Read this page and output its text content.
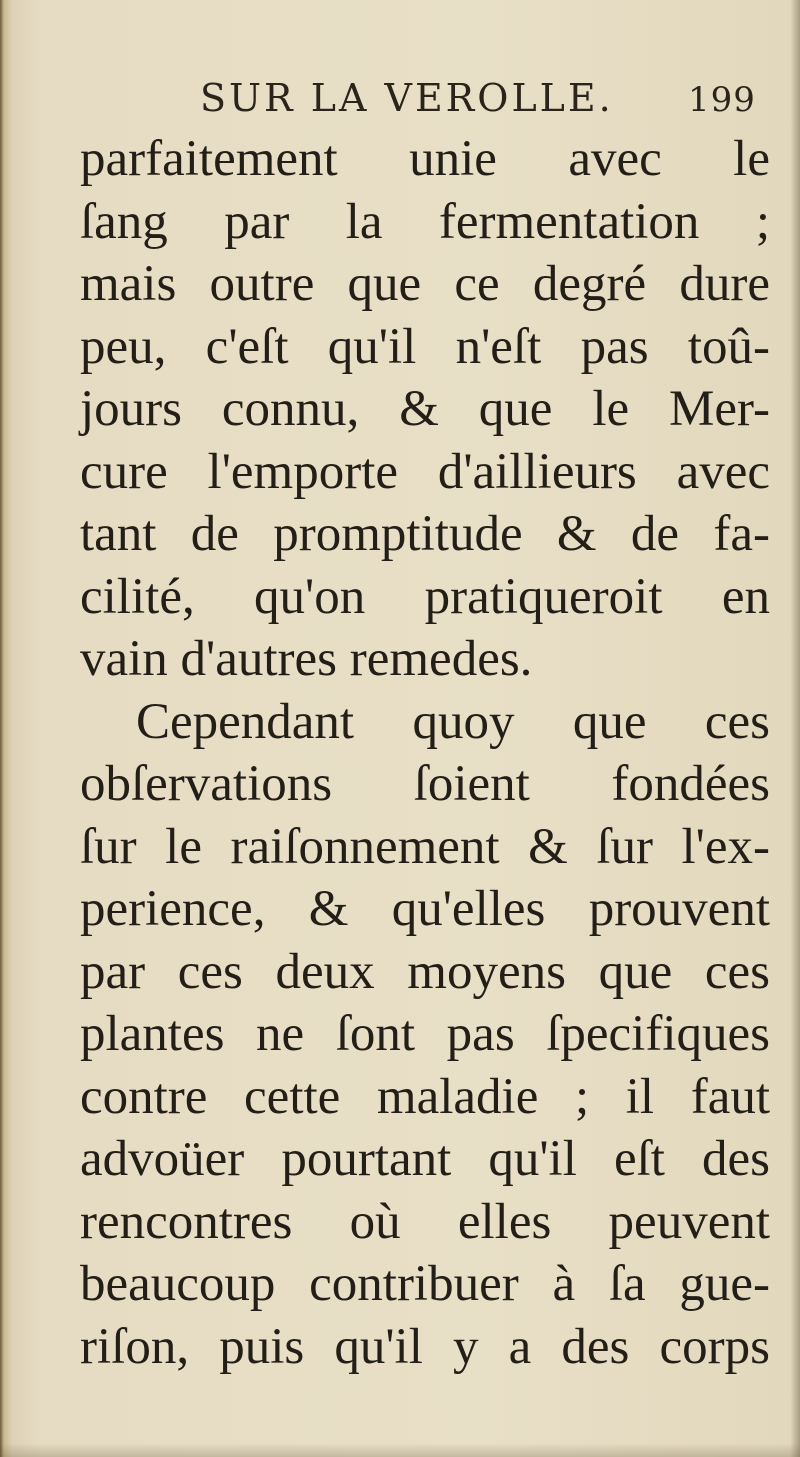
SUR LA VEROLLE. 199
parfaitement unie avec le
ſang par la fermentation ;
mais outre que ce degré dure
peu, c'eſt qu'il n'eſt pas toû-
jours connu, & que le Mer-
cure l'emporte d'aillieurs avec
tant de promptitude & de fa-
cilité, qu'on pratiqueroit en
vain d'autres remedes.
Cependant quoy que ces
obſervations ſoient fondées
ſur le raiſonnement & ſur l'ex-
perience, & qu'elles prouvent
par ces deux moyens que ces
plantes ne ſont pas ſpecifiques
contre cette maladie ; il faut
advoüer pourtant qu'il eſt des
rencontres où elles peuvent
beaucoup contribuer à ſa gue-
riſon, puis qu'il y a des corps
